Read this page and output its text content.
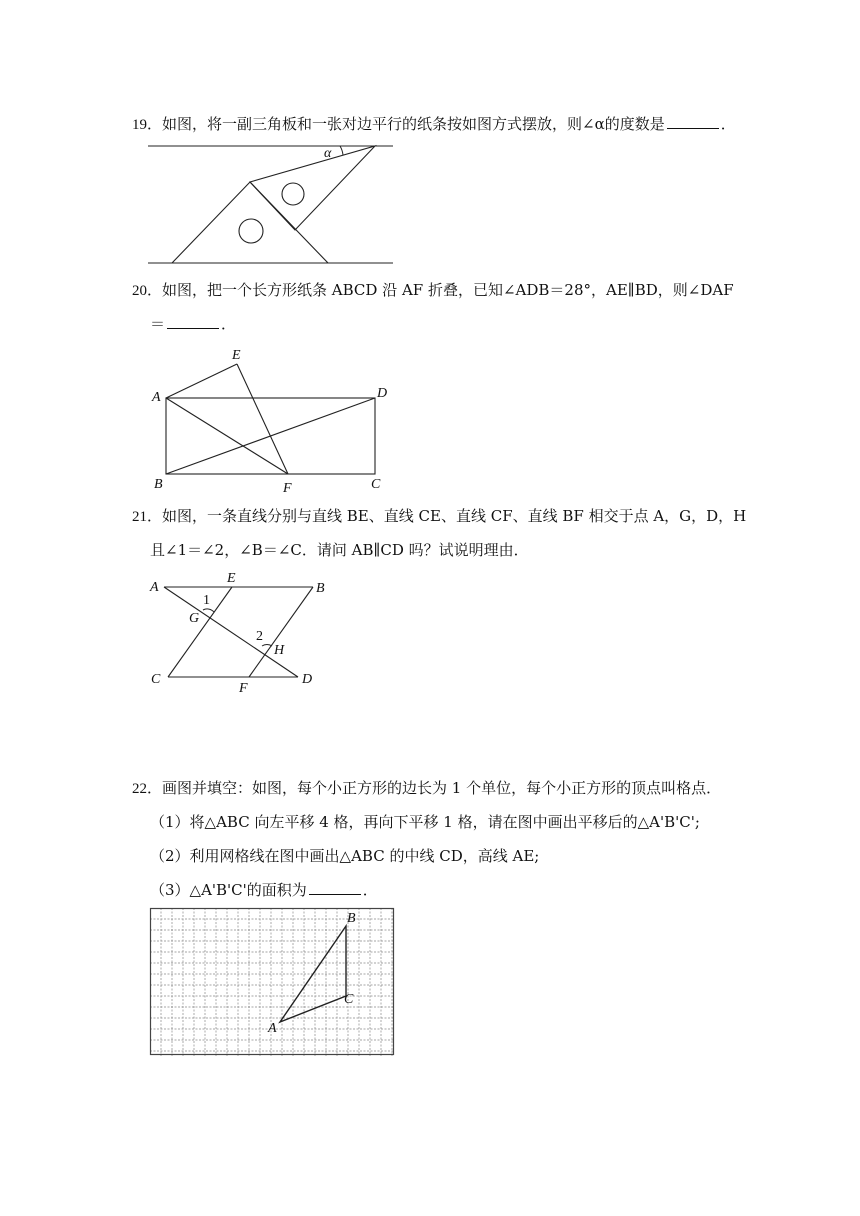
19．如图，将一副三角板和一张对边平行的纸条按如图方式摆放，则∠α的度数是	．
α
20．如图，把一个长方形纸条 ABCD 沿 AF 折叠，已知∠ADB＝28°，AE∥BD，则∠DAF
＝	．
A
B	C
D
E
F
21．如图，一条直线分别与直线 BE、直线 CE、直线 CF、直线 BF 相交于点 A，G，D，H
且∠1＝∠2，∠B＝∠C．请问 AB∥CD 吗？试说明理由．
A
E
B
1
G
2
H
C
F
D
22．画图并填空：如图，每个小正方形的边长为 1 个单位，每个小正方形的顶点叫格点．
（1）将△ABC 向左平移 4 格，再向下平移 1 格，请在图中画出平移后的△A'B'C';
（2）利用网格线在图中画出△ABC 的中线 CD，高线 AE;
（3）△A'B'C'的面积为	．
A
B
C
